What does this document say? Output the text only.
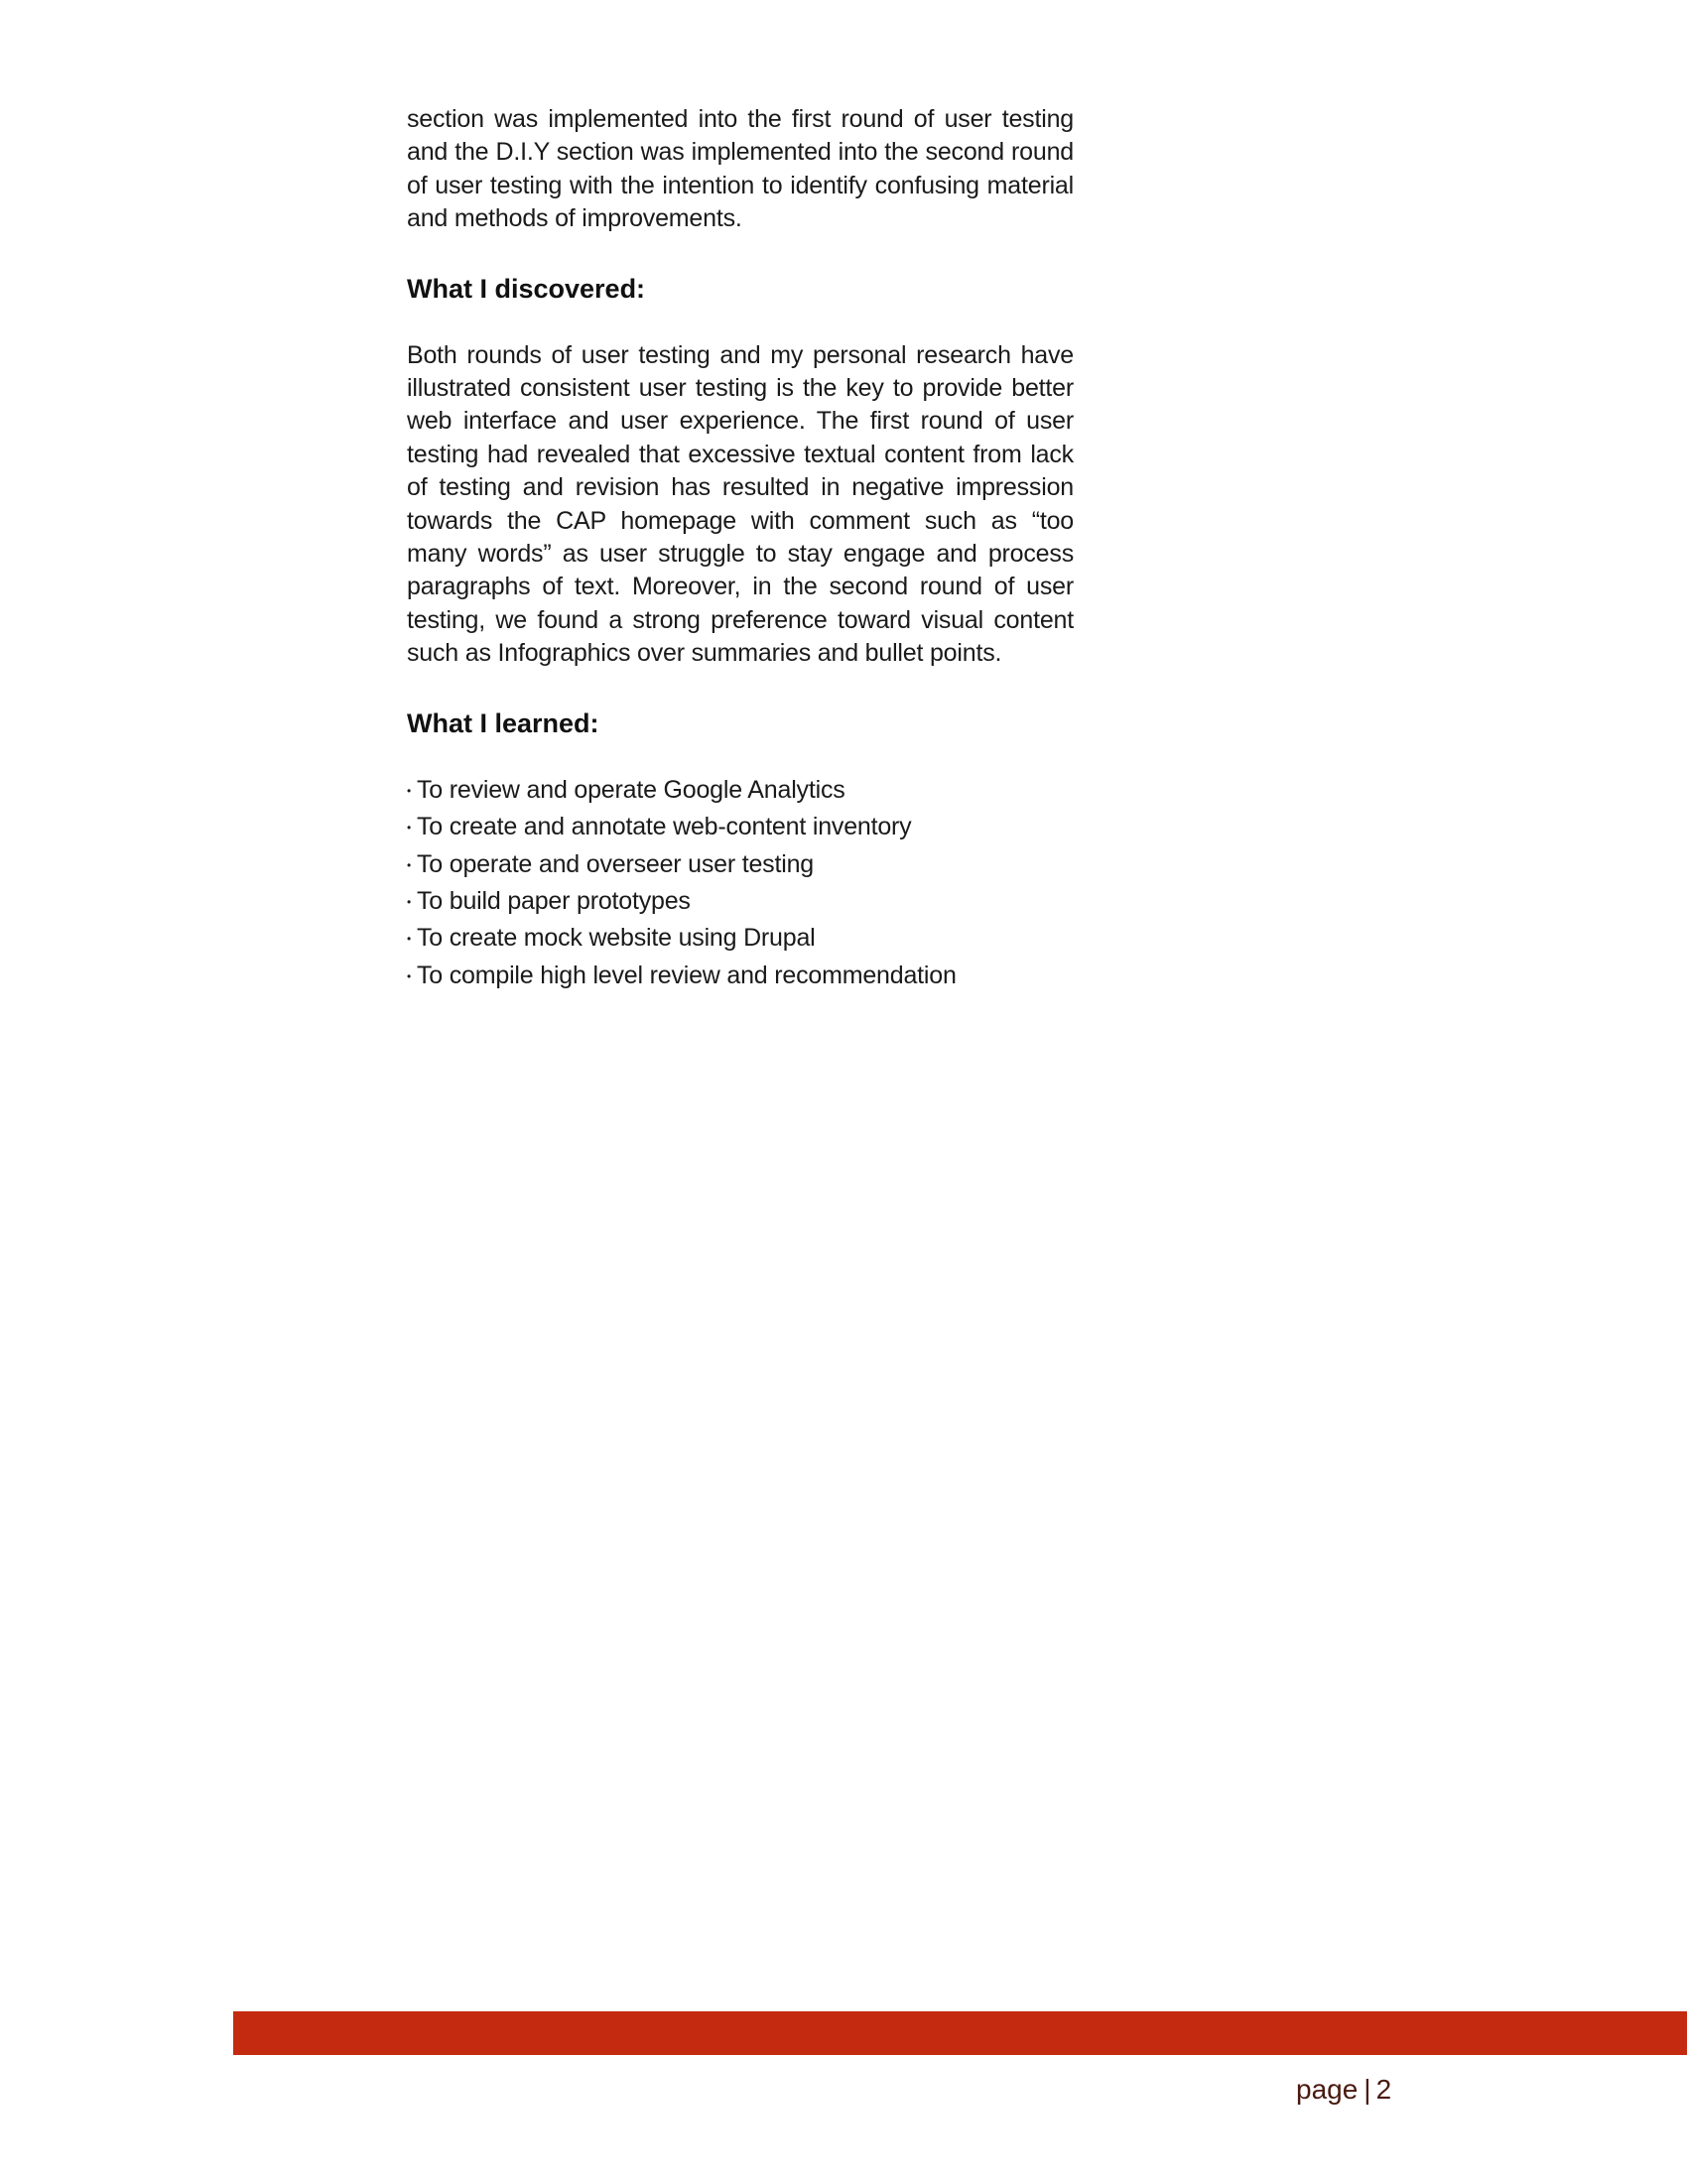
section was implemented into the first round of user testing and the D.I.Y section was implemented into the second round of user testing with the intention to identify confusing material and methods of improvements.

What I discovered:

Both rounds of user testing and my personal research have illustrated consistent user testing is the key to provide better web interface and user experience. The first round of user testing had revealed that excessive textual content from lack of testing and revision has resulted in negative impression towards the CAP homepage with comment such as “too many words” as user struggle to stay engage and process paragraphs of text. Moreover, in the second round of user testing, we found a strong preference toward visual content such as Infographics over summaries and bullet points.

What I learned:
• To review and operate Google Analytics
• To create and annotate web-content inventory
• To operate and overseer user testing
• To build paper prototypes
• To create mock website using Drupal
• To compile high level review and recommendation
page | 2
